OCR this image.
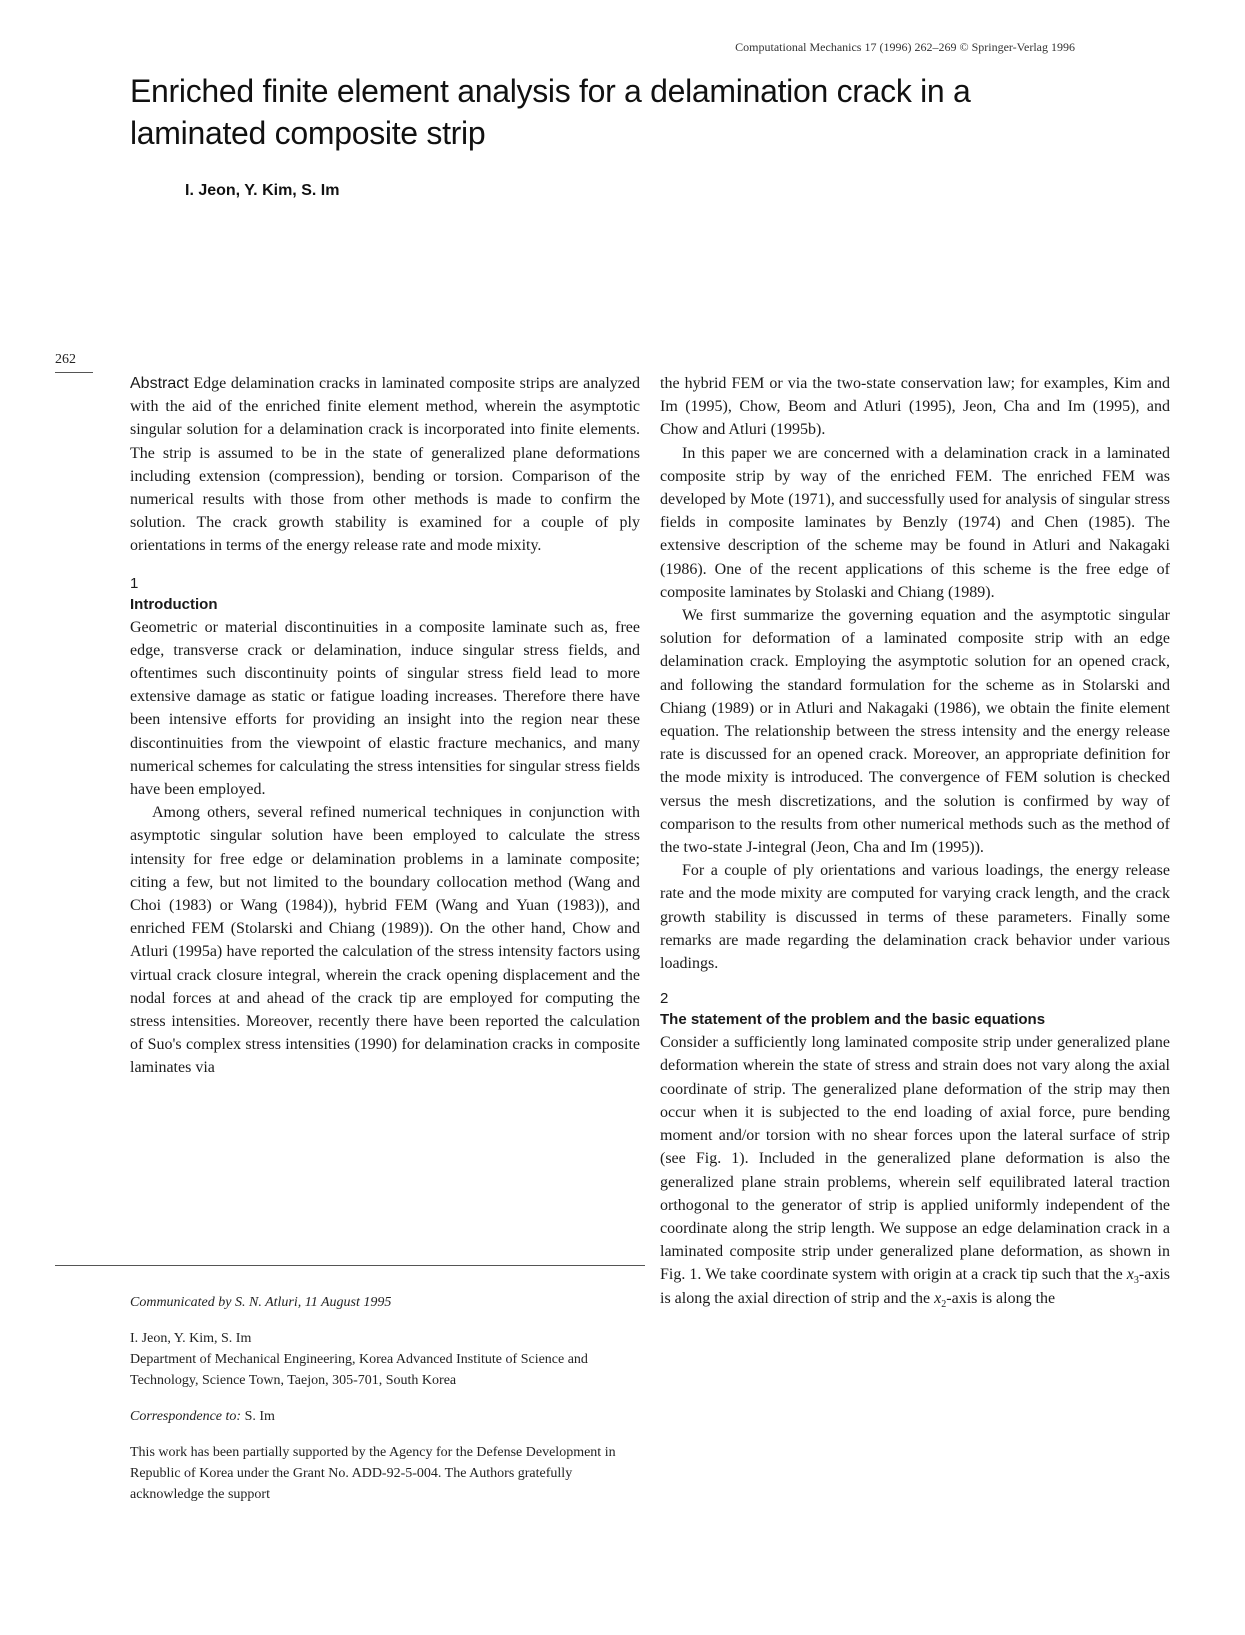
Computational Mechanics 17 (1996) 262–269 © Springer-Verlag 1996
Enriched finite element analysis for a delamination crack in a laminated composite strip
I. Jeon, Y. Kim, S. Im
262

Abstract Edge delamination cracks in laminated composite strips are analyzed with the aid of the enriched finite element method, wherein the asymptotic singular solution for a delamination crack is incorporated into finite elements. The strip is assumed to be in the state of generalized plane deformations including extension (compression), bending or torsion. Comparison of the numerical results with those from other methods is made to confirm the solution. The crack growth stability is examined for a couple of ply orientations in terms of the energy release rate and mode mixity.

1
Introduction

Geometric or material discontinuities in a composite laminate such as, free edge, transverse crack or delamination, induce singular stress fields, and oftentimes such discontinuity points of singular stress field lead to more extensive damage as static or fatigue loading increases. Therefore there have been intensive efforts for providing an insight into the region near these discontinuities from the viewpoint of elastic fracture mechanics, and many numerical schemes for calculating the stress intensities for singular stress fields have been employed.

Among others, several refined numerical techniques in conjunction with asymptotic singular solution have been employed to calculate the stress intensity for free edge or delamination problems in a laminate composite; citing a few, but not limited to the boundary collocation method (Wang and Choi (1983) or Wang (1984)), hybrid FEM (Wang and Yuan (1983)), and enriched FEM (Stolarski and Chiang (1989)). On the other hand, Chow and Atluri (1995a) have reported the calculation of the stress intensity factors using virtual crack closure integral, wherein the crack opening displacement and the nodal forces at and ahead of the crack tip are employed for computing the stress intensities. Moreover, recently there have been reported the calculation of Suo's complex stress intensities (1990) for delamination cracks in composite laminates via

the hybrid FEM or via the two-state conservation law; for examples, Kim and Im (1995), Chow, Beom and Atluri (1995), Jeon, Cha and Im (1995), and Chow and Atluri (1995b).

In this paper we are concerned with a delamination crack in a laminated composite strip by way of the enriched FEM. The enriched FEM was developed by Mote (1971), and successfully used for analysis of singular stress fields in composite laminates by Benzly (1974) and Chen (1985). The extensive description of the scheme may be found in Atluri and Nakagaki (1986). One of the recent applications of this scheme is the free edge of composite laminates by Stolaski and Chiang (1989).

We first summarize the governing equation and the asymptotic singular solution for deformation of a laminated composite strip with an edge delamination crack. Employing the asymptotic solution for an opened crack, and following the standard formulation for the scheme as in Stolarski and Chiang (1989) or in Atluri and Nakagaki (1986), we obtain the finite element equation. The relationship between the stress intensity and the energy release rate is discussed for an opened crack. Moreover, an appropriate definition for the mode mixity is introduced. The convergence of FEM solution is checked versus the mesh discretizations, and the solution is confirmed by way of comparison to the results from other numerical methods such as the method of the two-state J-integral (Jeon, Cha and Im (1995)).

For a couple of ply orientations and various loadings, the energy release rate and the mode mixity are computed for varying crack length, and the crack growth stability is discussed in terms of these parameters. Finally some remarks are made regarding the delamination crack behavior under various loadings.

2
The statement of the problem and the basic equations

Consider a sufficiently long laminated composite strip under generalized plane deformation wherein the state of stress and strain does not vary along the axial coordinate of strip. The generalized plane deformation of the strip may then occur when it is subjected to the end loading of axial force, pure bending moment and/or torsion with no shear forces upon the lateral surface of strip (see Fig. 1). Included in the generalized plane deformation is also the generalized plane strain problems, wherein self equilibrated lateral traction orthogonal to the generator of strip is applied uniformly independent of the coordinate along the strip length. We suppose an edge delamination crack in a laminated composite strip under generalized plane deformation, as shown in Fig. 1. We take coordinate system with origin at a crack tip such that the $x_3$-axis is along the axial direction of strip and the $x_2$-axis is along the

Communicated by S. N. Atluri, 11 August 1995

I. Jeon, Y. Kim, S. Im

Department of Mechanical Engineering, Korea Advanced Institute of Science and Technology, Science Town, Taejon, 305-701, South Korea

Correspondence to: S. Im

This work has been partially supported by the Agency for the Defense Development in Republic of Korea under the Grant No. ADD-92-5-004. The Authors gratefully acknowledge the support
